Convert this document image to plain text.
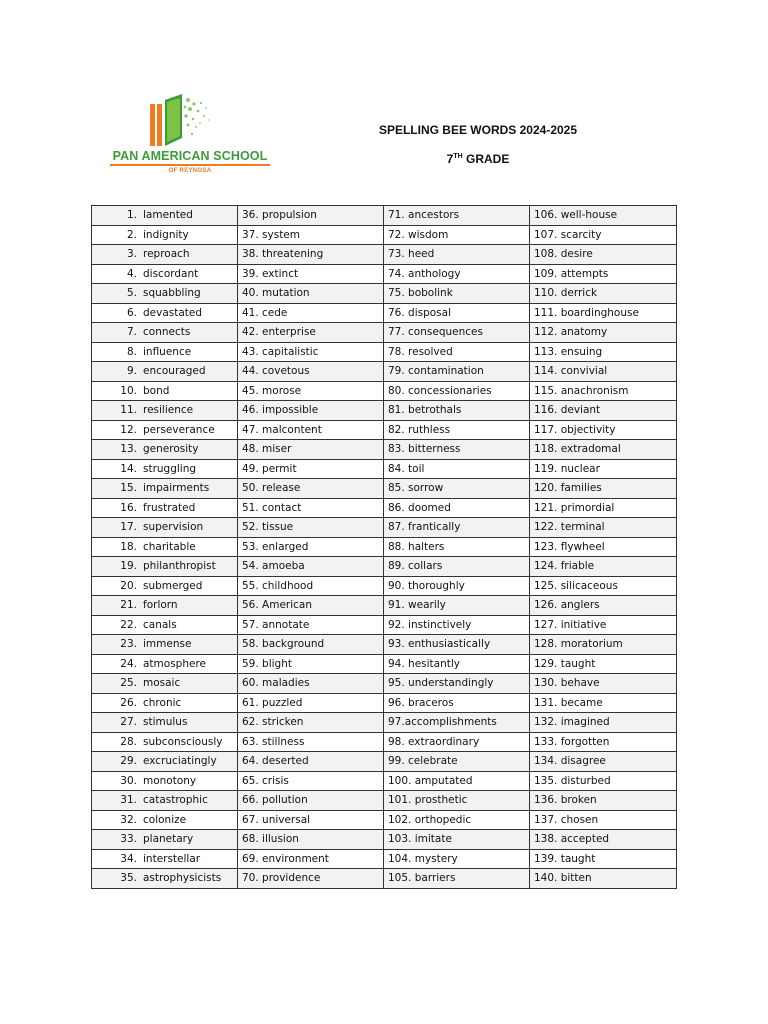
PAN AMERICAN SCHOOL
OF REYNOSA
SPELLING BEE WORDS 2024-2025
7TH GRADE
1. lamented	36. propulsion	71. ancestors	106. well-house
2. indignity	37. system	72. wisdom	107. scarcity
3. reproach	38. threatening	73. heed	108. desire
4. discordant	39. extinct	74. anthology	109. attempts
5. squabbling	40. mutation	75. bobolink	110. derrick
6. devastated	41. cede	76. disposal	111. boardinghouse
7. connects	42. enterprise	77. consequences	112. anatomy
8. influence	43. capitalistic	78. resolved	113. ensuing
9. encouraged	44. covetous	79. contamination	114. convivial
10. bond	45. morose	80. concessionaries	115. anachronism
11. resilience	46. impossible	81. betrothals	116. deviant
12. perseverance	47. malcontent	82. ruthless	117. objectivity
13. generosity	48. miser	83. bitterness	118. extradomal
14. struggling	49. permit	84. toil	119. nuclear
15. impairments	50. release	85. sorrow	120. families
16. frustrated	51. contact	86. doomed	121. primordial
17. supervision	52. tissue	87. frantically	122. terminal
18. charitable	53. enlarged	88. halters	123. flywheel
19. philanthropist	54. amoeba	89. collars	124. friable
20. submerged	55. childhood	90. thoroughly	125. silicaceous
21. forlorn	56. American	91. wearily	126. anglers
22. canals	57. annotate	92. instinctively	127. initiative
23. immense	58. background	93. enthusiastically	128. moratorium
24. atmosphere	59. blight	94. hesitantly	129. taught
25. mosaic	60. maladies	95. understandingly	130. behave
26. chronic	61. puzzled	96. braceros	131. became
27. stimulus	62. stricken	97.accomplishments	132. imagined
28. subconsciously	63. stillness	98. extraordinary	133. forgotten
29. excruciatingly	64. deserted	99. celebrate	134. disagree
30. monotony	65. crisis	100. amputated	135. disturbed
31. catastrophic	66. pollution	101. prosthetic	136. broken
32. colonize	67. universal	102. orthopedic	137. chosen
33. planetary	68. illusion	103. imitate	138. accepted
34. interstellar	69. environment	104. mystery	139. taught
35. astrophysicists	70. providence	105. barriers	140. bitten
